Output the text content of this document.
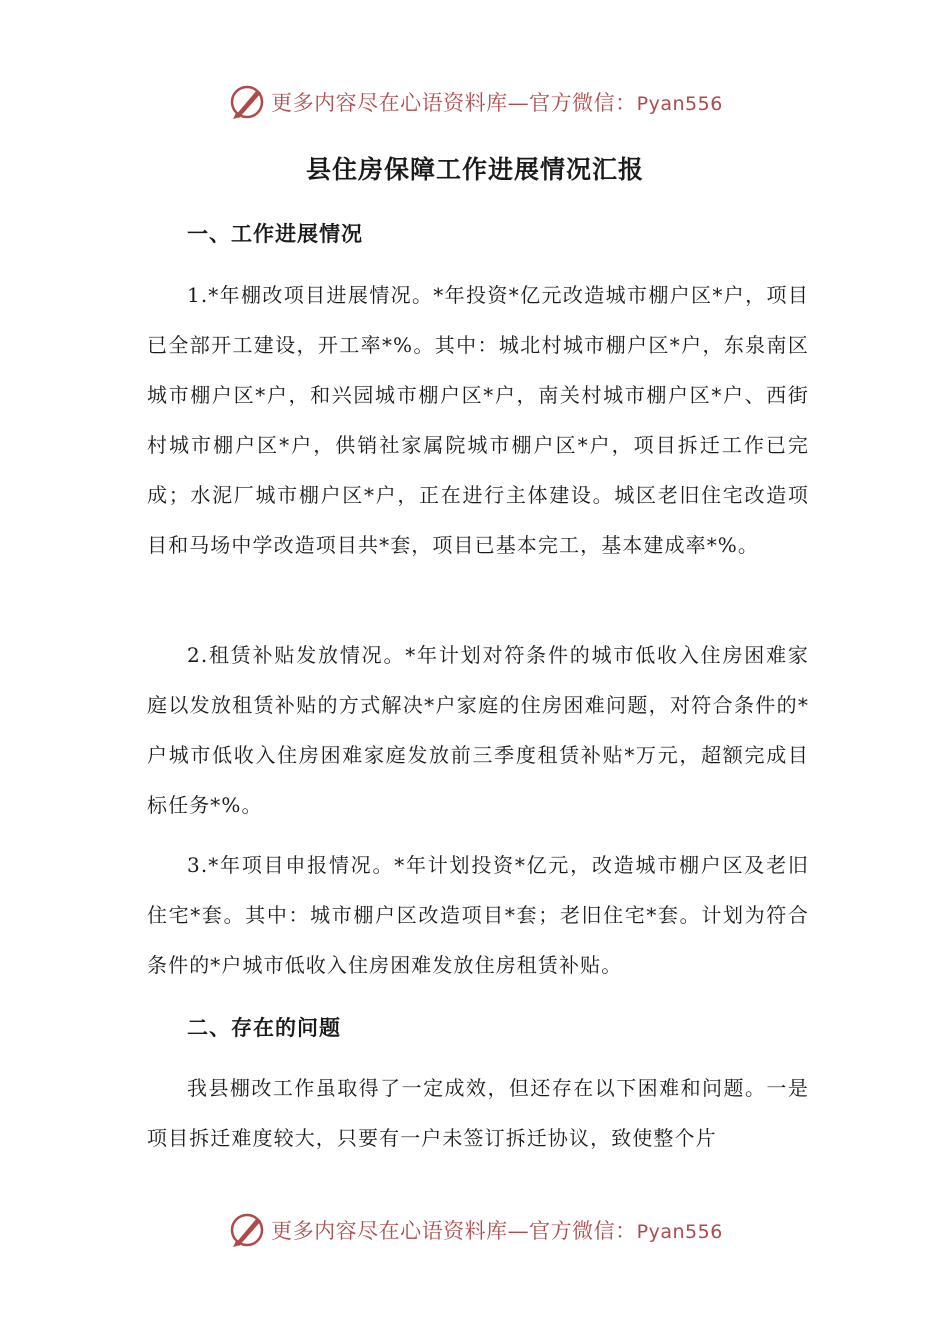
更多内容尽在心语资料库—官方微信：Pyan556
县住房保障工作进展情况汇报
一、工作进展情况
1.*年棚改项目进展情况。*年投资*亿元改造城市棚户区*户，项目已全部开工建设，开工率*%。其中：城北村城市棚户区*户，东泉南区城市棚户区*户，和兴园城市棚户区*户，南关村城市棚户区*户、西街村城市棚户区*户，供销社家属院城市棚户区*户，项目拆迁工作已完成；水泥厂城市棚户区*户，正在进行主体建设。城区老旧住宅改造项目和马场中学改造项目共*套，项目已基本完工，基本建成率*%。
2.租赁补贴发放情况。*年计划对符条件的城市低收入住房困难家庭以发放租赁补贴的方式解决*户家庭的住房困难问题，对符合条件的*户城市低收入住房困难家庭发放前三季度租赁补贴*万元，超额完成目标任务*%。
3.*年项目申报情况。*年计划投资*亿元，改造城市棚户区及老旧住宅*套。其中：城市棚户区改造项目*套；老旧住宅*套。计划为符合条件的*户城市低收入住房困难发放住房租赁补贴。
二、存在的问题
我县棚改工作虽取得了一定成效，但还存在以下困难和问题。一是项目拆迁难度较大，只要有一户未签订拆迁协议，致使整个片
更多内容尽在心语资料库—官方微信：Pyan556
